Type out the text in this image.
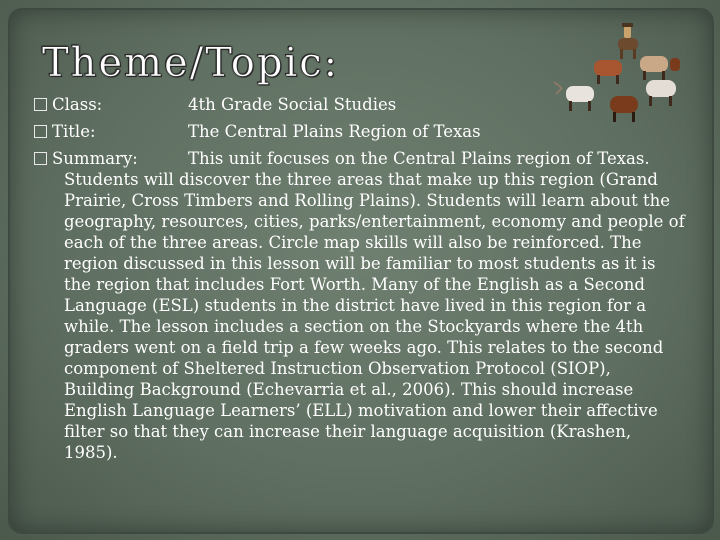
Theme/Topic:
Class:	4th Grade Social Studies
Title:	The Central Plains Region of Texas
Summary:	This unit focuses on the Central Plains region of Texas. Students will discover the three areas that make up this region (Grand Prairie, Cross Timbers and Rolling Plains). Students will learn about the geography, resources, cities, parks/entertainment, economy and people of each of the three areas. Circle map skills will also be reinforced. The region discussed in this lesson will be familiar to most students as it is the region that includes Fort Worth. Many of the English as a Second Language (ESL) students in the district have lived in this region for a while. The lesson includes a section on the Stockyards where the 4th graders went on a field trip a few weeks ago. This relates to the second component of Sheltered Instruction Observation Protocol (SIOP), Building Background (Echevarria et al., 2006). This should increase English Language Learners’ (ELL) motivation and lower their affective filter so that they can increase their language acquisition (Krashen, 1985).
